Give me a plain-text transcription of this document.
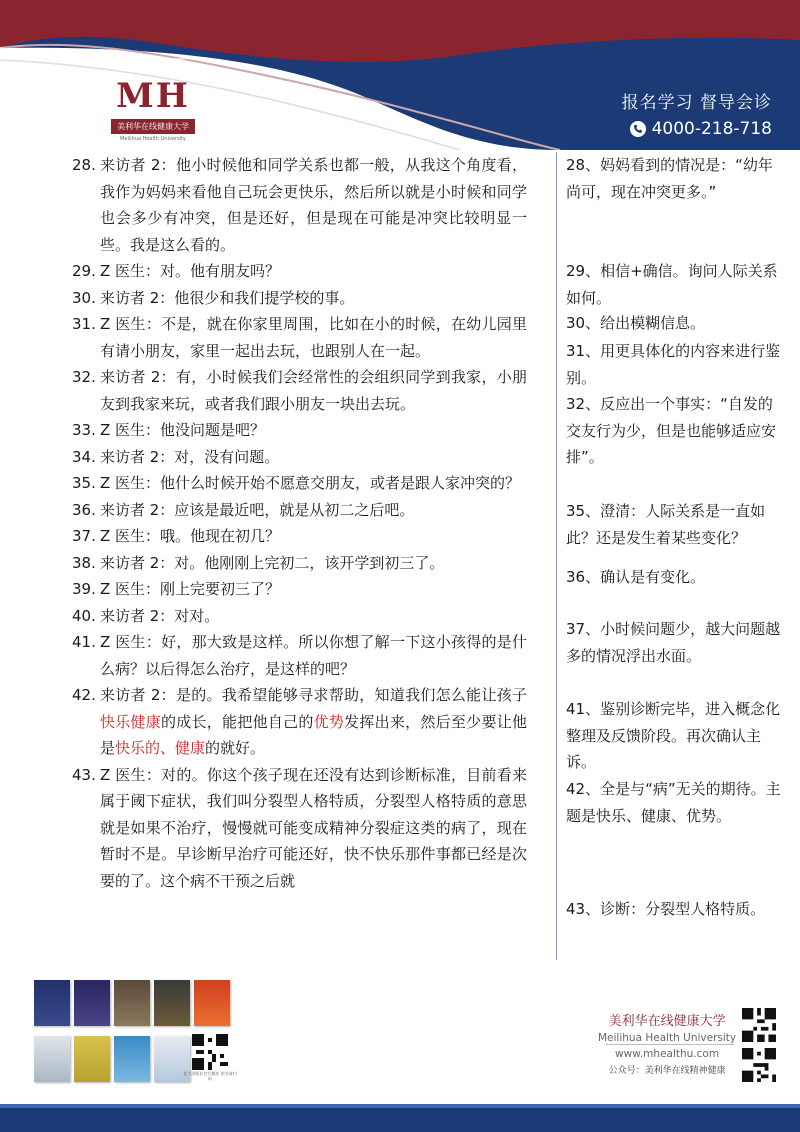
MH
美利华在线健康大学
Meilihua Health University
报名学习 督导会诊
4000-218-718
28. 来访者 2：他小时候他和同学关系也都一般，从我这个角度看，我作为妈妈来看他自己玩会更快乐，然后所以就是小时候和同学也会多少有冲突，但是还好，但是现在可能是冲突比较明显一些。我是这么看的。
29. Z 医生：对。他有朋友吗？
30. 来访者 2：他很少和我们提学校的事。
31. Z 医生：不是，就在你家里周围，比如在小的时候，在幼儿园里有请小朋友，家里一起出去玩，也跟别人在一起。
32. 来访者 2：有，小时候我们会经常性的会组织同学到我家，小朋友到我家来玩，或者我们跟小朋友一块出去玩。
33. Z 医生：他没问题是吧？
34. 来访者 2：对，没有问题。
35. Z 医生：他什么时候开始不愿意交朋友，或者是跟人家冲突的？
36. 来访者 2：应该是最近吧，就是从初二之后吧。
37. Z 医生：哦。他现在初几？
38. 来访者 2：对。他刚刚上完初二，该开学到初三了。
39. Z 医生：刚上完要初三了？
40. 来访者 2：对对。
41. Z 医生：好，那大致是这样。所以你想了解一下这小孩得的是什么病？以后得怎么治疗，是这样的吧？
42. 来访者 2：是的。我希望能够寻求帮助，知道我们怎么能让孩子快乐健康的成长，能把他自己的优势发挥出来，然后至少要让他是快乐的、健康的就好。
43. Z 医生：对的。你这个孩子现在还没有达到诊断标准，目前看来属于阈下症状，我们叫分裂型人格特质，分裂型人格特质的意思就是如果不治疗，慢慢就可能变成精神分裂症这类的病了，现在暂时不是。早诊断早治疗可能还好，快不快乐那件事都已经是次要的了。这个病不干预之后就
28、妈妈看到的情况是：“幼年尚可，现在冲突更多。”
29、相信+确信。询问人际关系如何。
30、给出模糊信息。
31、用更具体化的内容来进行鉴别。
32、反应出一个事实：“自发的交友行为少，但是也能够适应安排”。
35、澄清：人际关系是一直如此？还是发生着某些变化？
36、确认是有变化。
37、小时候问题少，越大问题越多的情况浮出水面。
41、鉴别诊断完毕，进入概念化整理及反馈阶段。再次确认主诉。
42、全是与“病”无关的期待。主题是快乐、健康、优势。
43、诊断：分裂型人格特质。
北大出版社官方微店 图书请扫码
美利华在线健康大学
Meilihua Health University
www.mhealthu.com
公众号：美利华在线精神健康
